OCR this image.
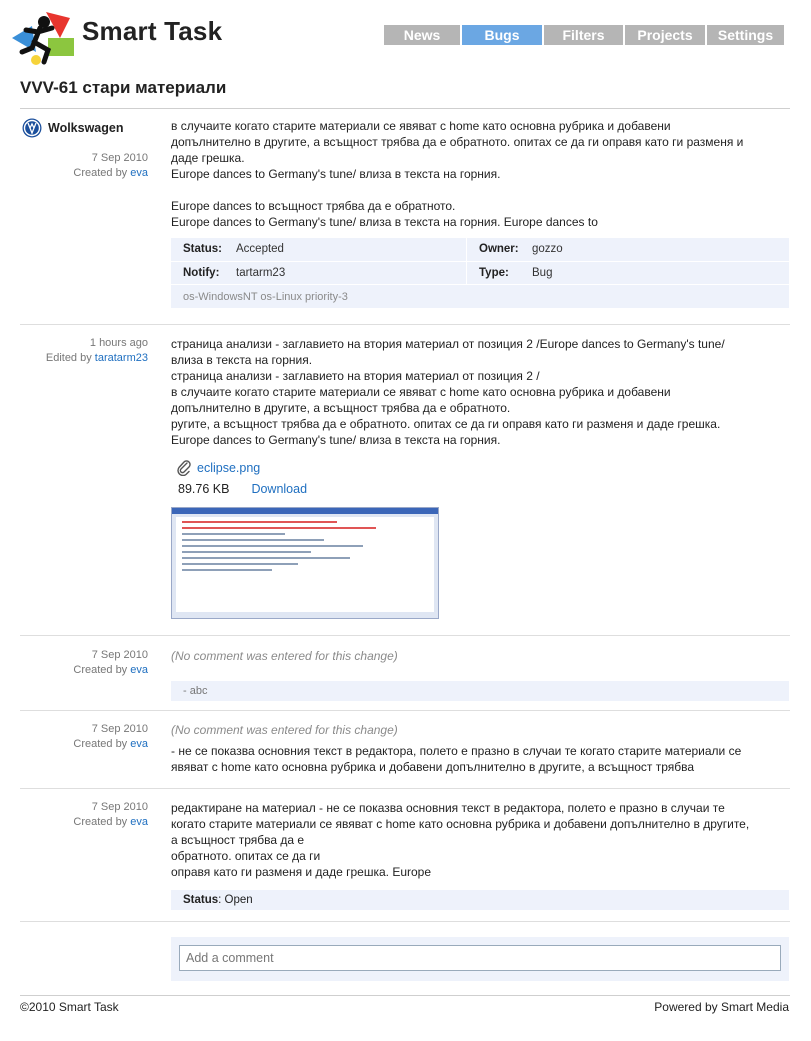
Smart Task	News	Bugs	Filters	Projects	Settings
VVV-61 стари материали
Wolkswagen
7 Sep 2010
Created by eva
в случаите когато старите материали се явяват с home като основна рубрика и добавени
допълнително в другите, а всъщност трябва да е обратното. опитах се да ги оправя като ги разменя и
даде грешка.
Europe dances to Germany's tune/ влиза в текста на горния.
Europe dances to всъщност трябва да е обратното.
Europe dances to Germany's tune/ влиза в текста на горния. Europe dances to
Status: Accepted	Owner: gozzo
Notify: tartarm23	Type: Bug
os-WindowsNT os-Linux priority-3
1 hours ago
Edited by taratarm23
страница анализи - заглавието на втория материал от позиция 2 /Europe dances to Germany's tune/
влиза в текста на горния.
страница анализи - заглавието на втория материал от позиция 2 /
в случаите когато старите материали се явяват с home като основна рубрика и добавени
допълнително в другите, а всъщност трябва да е обратното.
ругите, а всъщност трябва да е обратното. опитах се да ги оправя като ги разменя и даде грешка.
Europe dances to Germany's tune/ влиза в текста на горния.
eclipse.png
89.76 KB Download
7 Sep 2010
Created by eva
(No comment was entered for this change)
- abc
7 Sep 2010
Created by eva
(No comment was entered for this change)
- не се показва основния текст в редактора, полето е празно в случаи те когато старите материали се
явяват с home като основна рубрика и добавени допълнително в другите, а всъщност трябва
7 Sep 2010
Created by eva
редактиране на материал - не се показва основния текст в редактора, полето е празно в случаи те
когато старите материали се явяват с home като основна рубрика и добавени допълнително в другите,
а всъщност трябва да е
обратното. опитах се да ги
оправя като ги разменя и даде грешка. Europe
Status: Open
Add a comment
©2010 Smart Task	Powered by Smart Media
